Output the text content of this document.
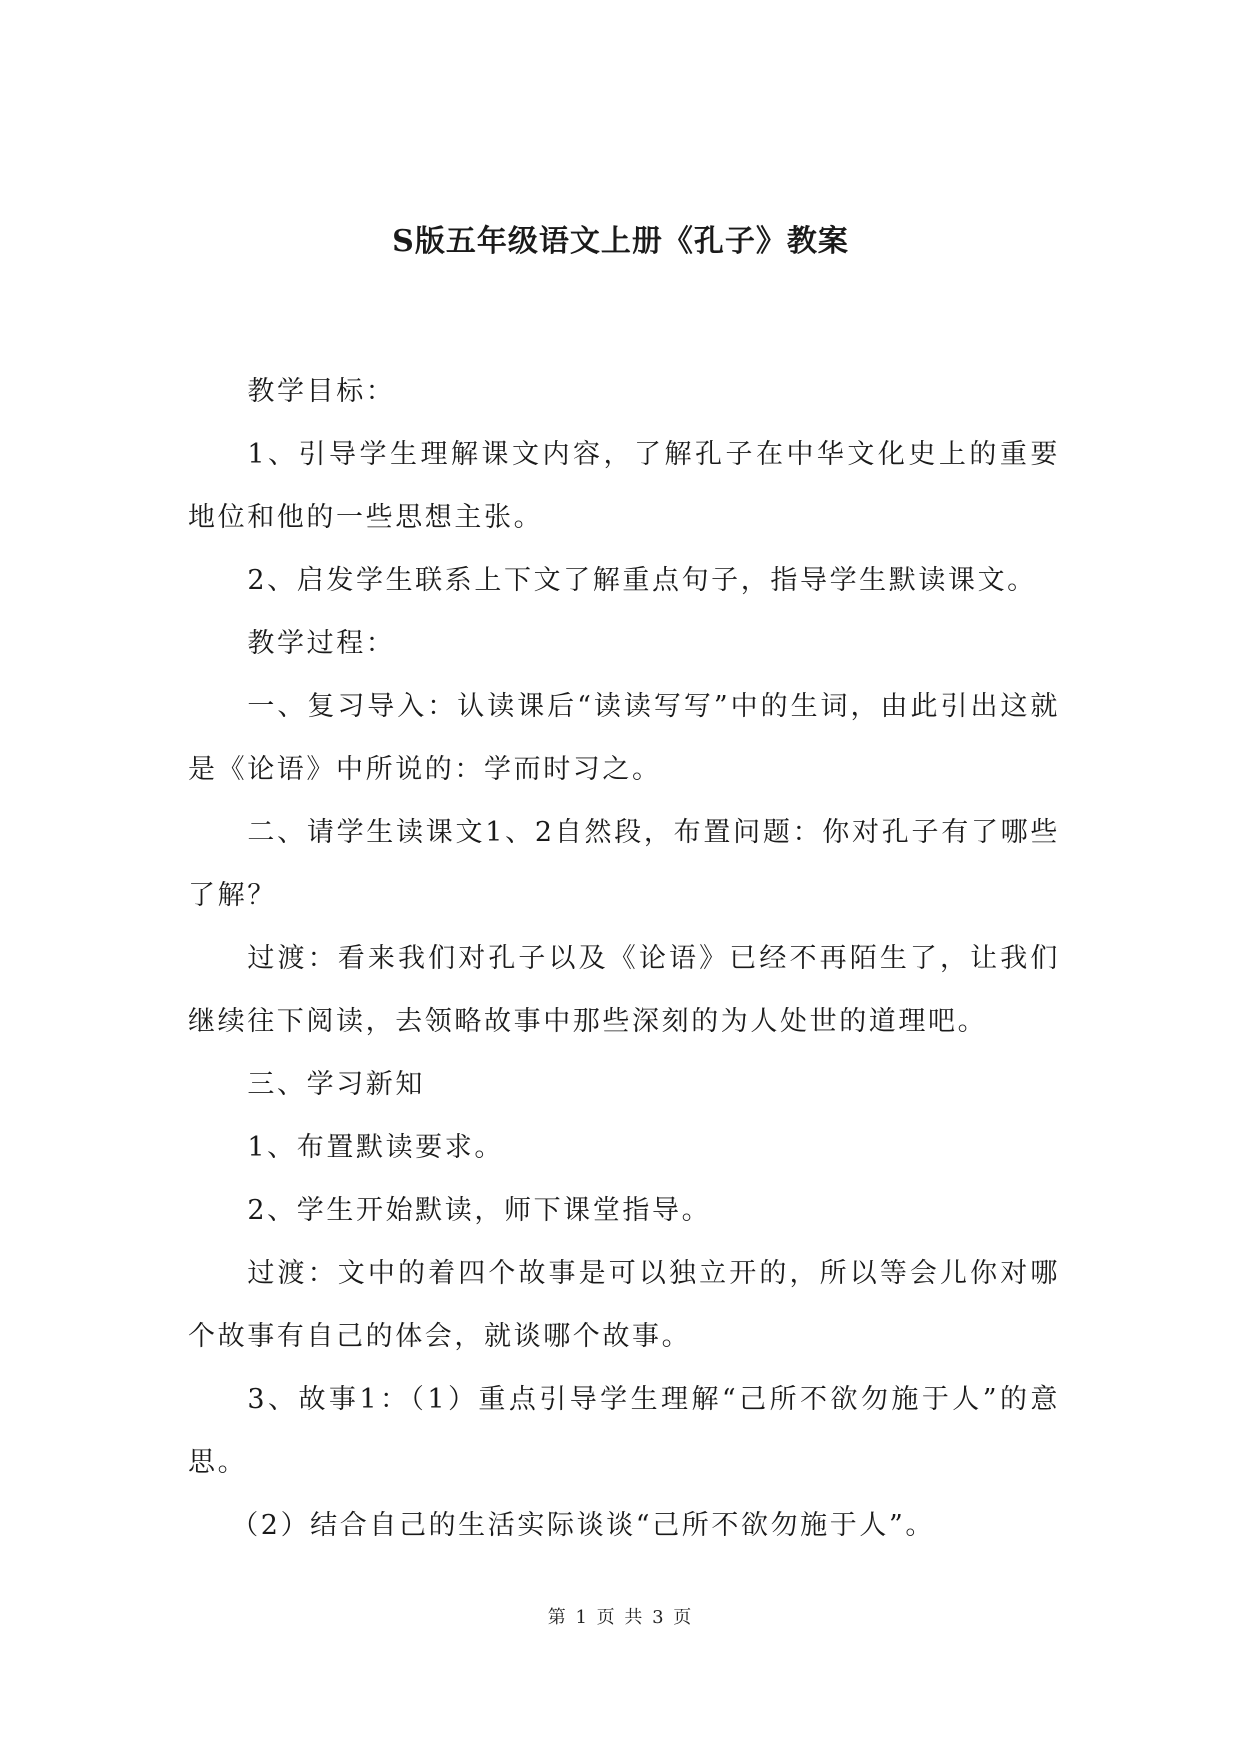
S版五年级语文上册《孔子》教案

教学目标：

1、引导学生理解课文内容，了解孔子在中华文化史上的重要地位和他的一些思想主张。

2、启发学生联系上下文了解重点句子，指导学生默读课文。

教学过程：

一、复习导入：认读课后“读读写写”中的生词，由此引出这就是《论语》中所说的：学而时习之。

二、请学生读课文1、2自然段，布置问题：你对孔子有了哪些了解？

过渡：看来我们对孔子以及《论语》已经不再陌生了，让我们继续往下阅读，去领略故事中那些深刻的为人处世的道理吧。

三、学习新知

1、布置默读要求。

2、学生开始默读，师下课堂指导。

过渡：文中的着四个故事是可以独立开的，所以等会儿你对哪个故事有自己的体会，就谈哪个故事。

3、故事1：（1）重点引导学生理解“己所不欲勿施于人”的意思。

（2）结合自己的生活实际谈谈“己所不欲勿施于人”。

第 1 页 共 3 页
